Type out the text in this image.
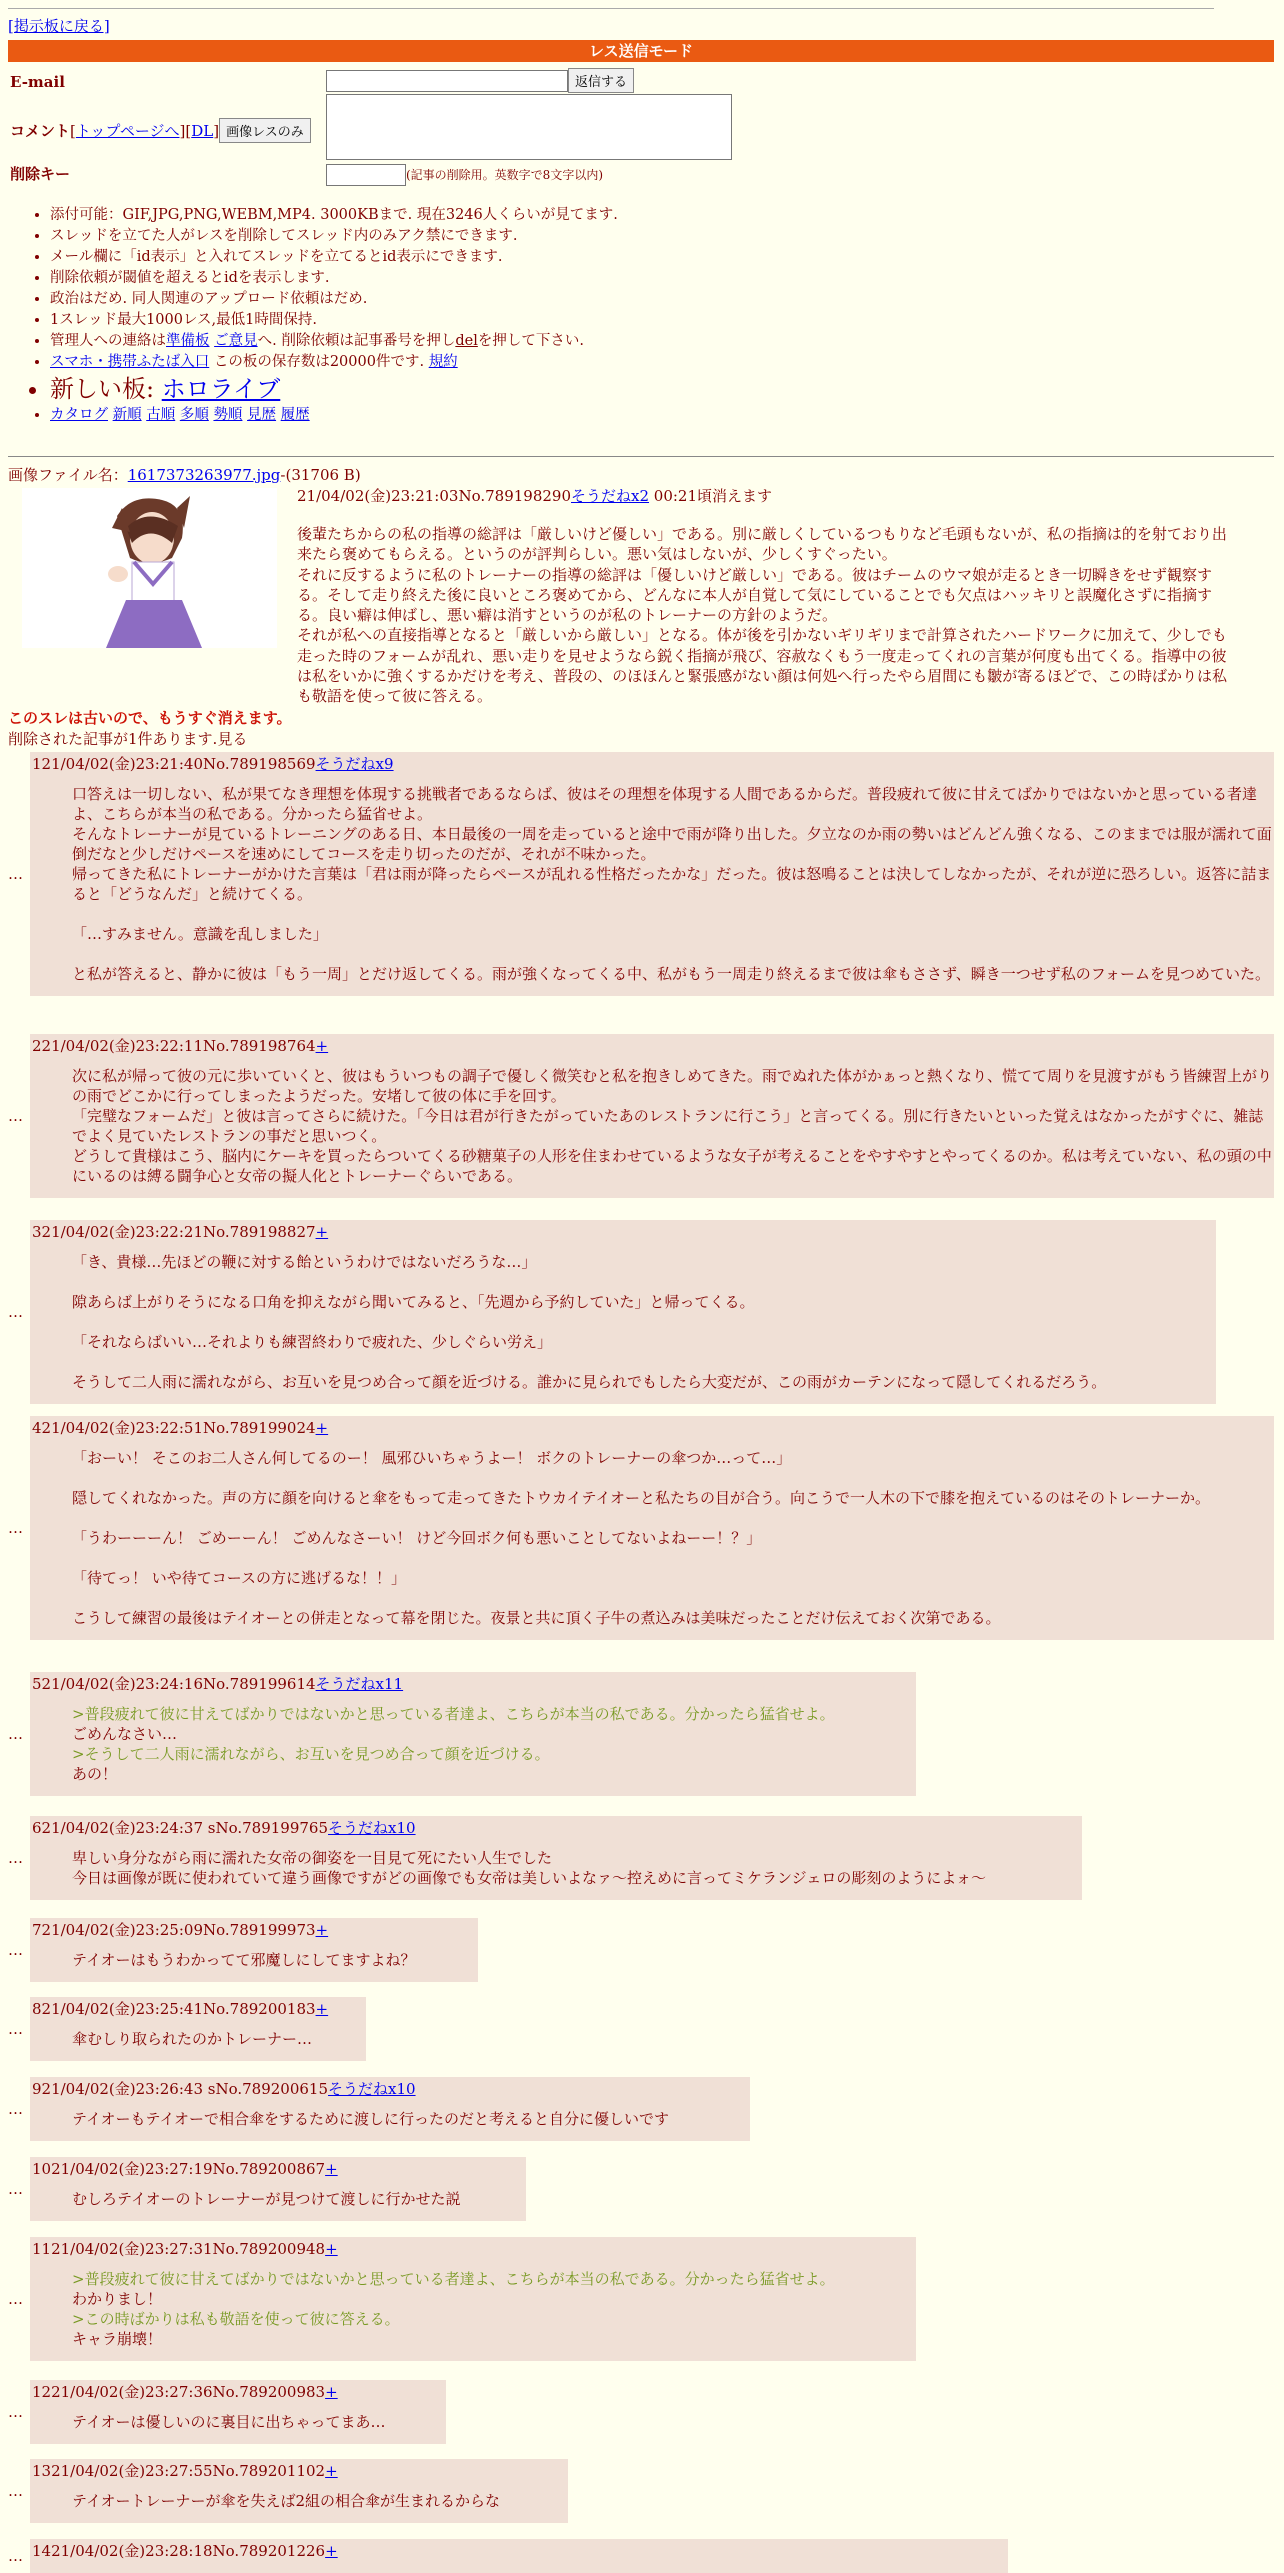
[掲示板に戻る]
レス送信モード
E-mail	返信する
コメント[トップページへ][DL] 画像レスのみ
削除キー	(記事の削除用。英数字で8文字以内)
• 添付可能：GIF,JPG,PNG,WEBM,MP4. 3000KBまで. 現在3246人くらいが見てます.
• スレッドを立てた人がレスを削除してスレッド内のみアク禁にできます.
• メール欄に「id表示」と入れてスレッドを立てるとid表示にできます.
• 削除依頼が閾値を超えるとidを表示します.
• 政治はだめ. 同人関連のアップロード依頼はだめ.
• 1スレッド最大1000レス,最低1時間保持.
• 管理人への連絡は準備板 ご意見へ. 削除依頼は記事番号を押しdelを押して下さい.
• スマホ・携帯ふたば入口 この板の保存数は20000件です. 規約
• 新しい板: ホロライブ
• カタログ 新順 古順 多順 勢順 見歴 履歴
画像ファイル名：1617373263977.jpg-(31706 B)
21/04/02(金)23:21:03No.789198290そうだねx2 00:21頃消えます

後輩たちからの私の指導の総評は「厳しいけど優しい」である。別に厳しくしているつもりなど毛頭もないが、私の指摘は的を射ており出来たら褒めてもらえる。というのが評判らしい。悪い気はしないが、少しくすぐったい。

それに反するように私のトレーナーの指導の総評は「優しいけど厳しい」である。彼はチームのウマ娘が走るとき一切瞬きをせず観察する。そして走り終えた後に良いところ褒めてから、どんなに本人が自覚して気にしていることでも欠点はハッキリと誤魔化さずに指摘する。良い癖は伸ばし、悪い癖は消すというのが私のトレーナーの方針のようだ。

それが私への直接指導となると「厳しいから厳しい」となる。体が後を引かないギリギリまで計算されたハードワークに加えて、少しでも走った時のフォームが乱れ、悪い走りを見せようなら鋭く指摘が飛び、容赦なくもう一度走ってくれの言葉が何度も出てくる。指導中の彼は私をいかに強くするかだけを考え、普段の、のほほんと緊張感がない顔は何処へ行ったやら眉間にも皺が寄るほどで、この時ばかりは私も敬語を使って彼に答える。

このスレは古いので、もうすぐ消えます。
削除された記事が1件あります.見る
…
121/04/02(金)23:21:40No.789198569そうだねx9

口答えは一切しない、私が果てなき理想を体現する挑戦者であるならば、彼はその理想を体現する人間であるからだ。普段疲れて彼に甘えてばかりではないかと思っている者達よ、こちらが本当の私である。分かったら猛省せよ。

そんなトレーナーが見ているトレーニングのある日、本日最後の一周を走っていると途中で雨が降り出した。夕立なのか雨の勢いはどんどん強くなる、このままでは服が濡れて面倒だなと少しだけペースを速めにしてコースを走り切ったのだが、それが不味かった。

帰ってきた私にトレーナーがかけた言葉は「君は雨が降ったらペースが乱れる性格だったかな」だった。彼は怒鳴ることは決してしなかったが、それが逆に恐ろしい。返答に詰まると「どうなんだ」と続けてくる。

「…すみません。意識を乱しました」

と私が答えると、静かに彼は「もう一周」とだけ返してくる。雨が強くなってくる中、私がもう一周走り終えるまで彼は傘もささず、瞬き一つせず私のフォームを見つめていた。

…
221/04/02(金)23:22:11No.789198764+

次に私が帰って彼の元に歩いていくと、彼はもういつもの調子で優しく微笑むと私を抱きしめてきた。雨でぬれた体がかぁっと熱くなり、慌てて周りを見渡すがもう皆練習上がりの雨でどこかに行ってしまったようだった。安堵して彼の体に手を回す。

「完璧なフォームだ」と彼は言ってさらに続けた。「今日は君が行きたがっていたあのレストランに行こう」と言ってくる。別に行きたいといった覚えはなかったがすぐに、雑誌でよく見ていたレストランの事だと思いつく。

どうして貴様はこう、脳内にケーキを買ったらついてくる砂糖菓子の人形を住まわせているような女子が考えることをやすやすとやってくるのか。私は考えていない、私の頭の中にいるのは縛る闘争心と女帝の擬人化とトレーナーぐらいである。

…
321/04/02(金)23:22:21No.789198827+

「き、貴様…先ほどの鞭に対する飴というわけではないだろうな…」

隙あらば上がりそうになる口角を抑えながら聞いてみると、「先週から予約していた」と帰ってくる。

「それならばいい…それよりも練習終わりで疲れた、少しぐらい労え」

そうして二人雨に濡れながら、お互いを見つめ合って顔を近づける。誰かに見られでもしたら大変だが、この雨がカーテンになって隠してくれるだろう。

…
421/04/02(金)23:22:51No.789199024+

「おーい！ そこのお二人さん何してるのー！ 風邪ひいちゃうよー！ ボクのトレーナーの傘つか…って…」

隠してくれなかった。声の方に顔を向けると傘をもって走ってきたトウカイテイオーと私たちの目が合う。向こうで一人木の下で膝を抱えているのはそのトレーナーか。

「うわーーーん！ ごめーーん！ ごめんなさーい！ けど今回ボク何も悪いことしてないよねーー！？」

「待てっ！ いや待てコースの方に逃げるな！！」

こうして練習の最後はテイオーとの併走となって幕を閉じた。夜景と共に頂く子牛の煮込みは美味だったことだけ伝えておく次第である。

…
521/04/02(金)23:24:16No.789199614そうだねx11

>普段疲れて彼に甘えてばかりではないかと思っている者達よ、こちらが本当の私である。分かったら猛省せよ。

ごめんなさい…

>そうして二人雨に濡れながら、お互いを見つめ合って顔を近づける。

あの！

…
621/04/02(金)23:24:37 sNo.789199765そうだねx10

卑しい身分ながら雨に濡れた女帝の御姿を一目見て死にたい人生でした

今日は画像が既に使われていて違う画像ですがどの画像でも女帝は美しいよなァ～控えめに言ってミケランジェロの彫刻のようによォ～

…
721/04/02(金)23:25:09No.789199973+

テイオーはもうわかってて邪魔しにしてますよね？

…
821/04/02(金)23:25:41No.789200183+

傘むしり取られたのかトレーナー…

…
921/04/02(金)23:26:43 sNo.789200615そうだねx10

テイオーもテイオーで相合傘をするために渡しに行ったのだと考えると自分に優しいです

…
1021/04/02(金)23:27:19No.789200867+

むしろテイオーのトレーナーが見つけて渡しに行かせた説

…
1121/04/02(金)23:27:31No.789200948+

>普段疲れて彼に甘えてばかりではないかと思っている者達よ、こちらが本当の私である。分かったら猛省せよ。

わかりまし！

>この時ばかりは私も敬語を使って彼に答える。

キャラ崩壊！

…
1221/04/02(金)23:27:36No.789200983+

テイオーは優しいのに裏目に出ちゃってまあ…

…
1321/04/02(金)23:27:55No.789201102+

テイオートレーナーが傘を失えば2組の相合傘が生まれるからな

… 1421/04/02(金)23:28:18No.789201226+
